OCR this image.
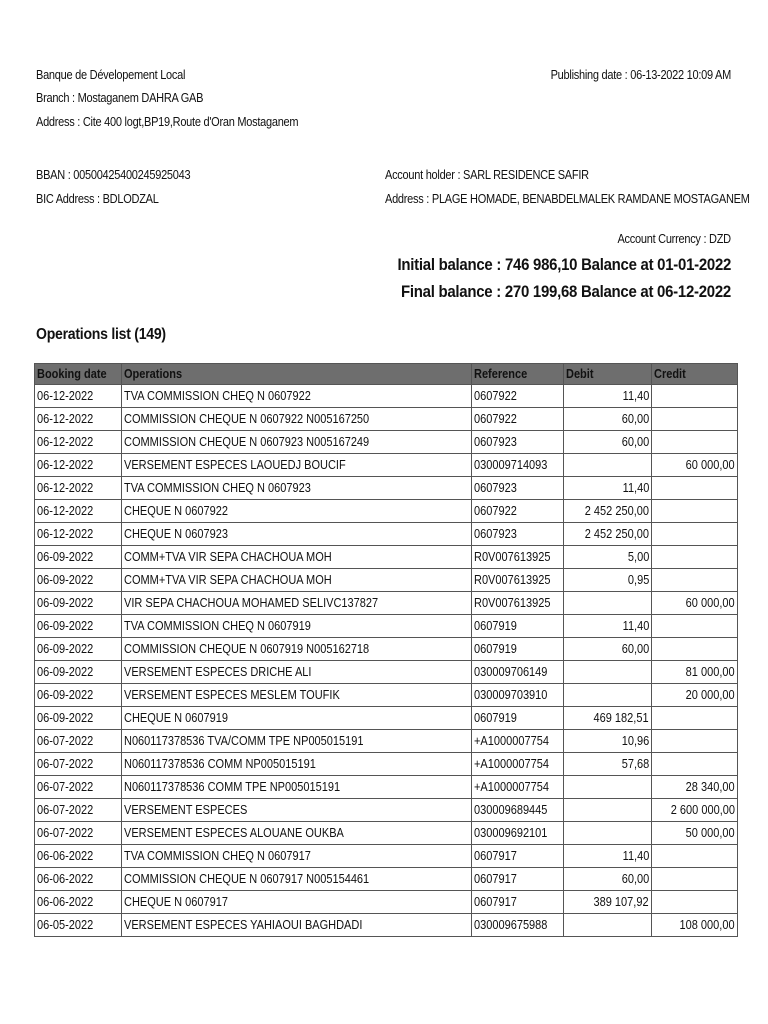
Banque de Dévelopement Local
Branch : Mostaganem DAHRA GAB
Address : Cite 400 logt,BP19,Route d'Oran Mostaganem
Publishing date : 06-13-2022 10:09 AM
BBAN : 00500425400245925043
BIC Address : BDLODZAL
Account holder : SARL RESIDENCE SAFIR
Address : PLAGE HOMADE, BENABDELMALEK RAMDANE MOSTAGANEM
Account Currency : DZD
Initial balance : 746 986,10 Balance at 01-01-2022
Final balance : 270 199,68 Balance at 06-12-2022
Operations list (149)
Booking date	Operations	Reference	Debit	Credit
06-12-2022	TVA COMMISSION CHEQ N 0607922	0607922	11,40	
06-12-2022	COMMISSION CHEQUE N 0607922 N005167250	0607922	60,00	
06-12-2022	COMMISSION CHEQUE N 0607923 N005167249	0607923	60,00	
06-12-2022	VERSEMENT ESPECES LAOUEDJ BOUCIF	030009714093		60 000,00
06-12-2022	TVA COMMISSION CHEQ N 0607923	0607923	11,40	
06-12-2022	CHEQUE N 0607922	0607922	2 452 250,00	
06-12-2022	CHEQUE N 0607923	0607923	2 452 250,00	
06-09-2022	COMM+TVA VIR SEPA CHACHOUA MOH	R0V007613925	5,00	
06-09-2022	COMM+TVA VIR SEPA CHACHOUA MOH	R0V007613925	0,95	
06-09-2022	VIR SEPA CHACHOUA MOHAMED SELIVC137827	R0V007613925		60 000,00
06-09-2022	TVA COMMISSION CHEQ N 0607919	0607919	11,40	
06-09-2022	COMMISSION CHEQUE N 0607919 N005162718	0607919	60,00	
06-09-2022	VERSEMENT ESPECES DRICHE ALI	030009706149		81 000,00
06-09-2022	VERSEMENT ESPECES MESLEM TOUFIK	030009703910		20 000,00
06-09-2022	CHEQUE N 0607919	0607919	469 182,51	
06-07-2022	N060117378536 TVA/COMM TPE NP005015191	+A1000007754	10,96	
06-07-2022	N060117378536 COMM NP005015191	+A1000007754	57,68	
06-07-2022	N060117378536 COMM TPE NP005015191	+A1000007754		28 340,00
06-07-2022	VERSEMENT ESPECES	030009689445		2 600 000,00
06-07-2022	VERSEMENT ESPECES ALOUANE OUKBA	030009692101		50 000,00
06-06-2022	TVA COMMISSION CHEQ N 0607917	0607917	11,40	
06-06-2022	COMMISSION CHEQUE N 0607917 N005154461	0607917	60,00	
06-06-2022	CHEQUE N 0607917	0607917	389 107,92	
06-05-2022	VERSEMENT ESPECES YAHIAOUI BAGHDADI	030009675988		108 000,00
